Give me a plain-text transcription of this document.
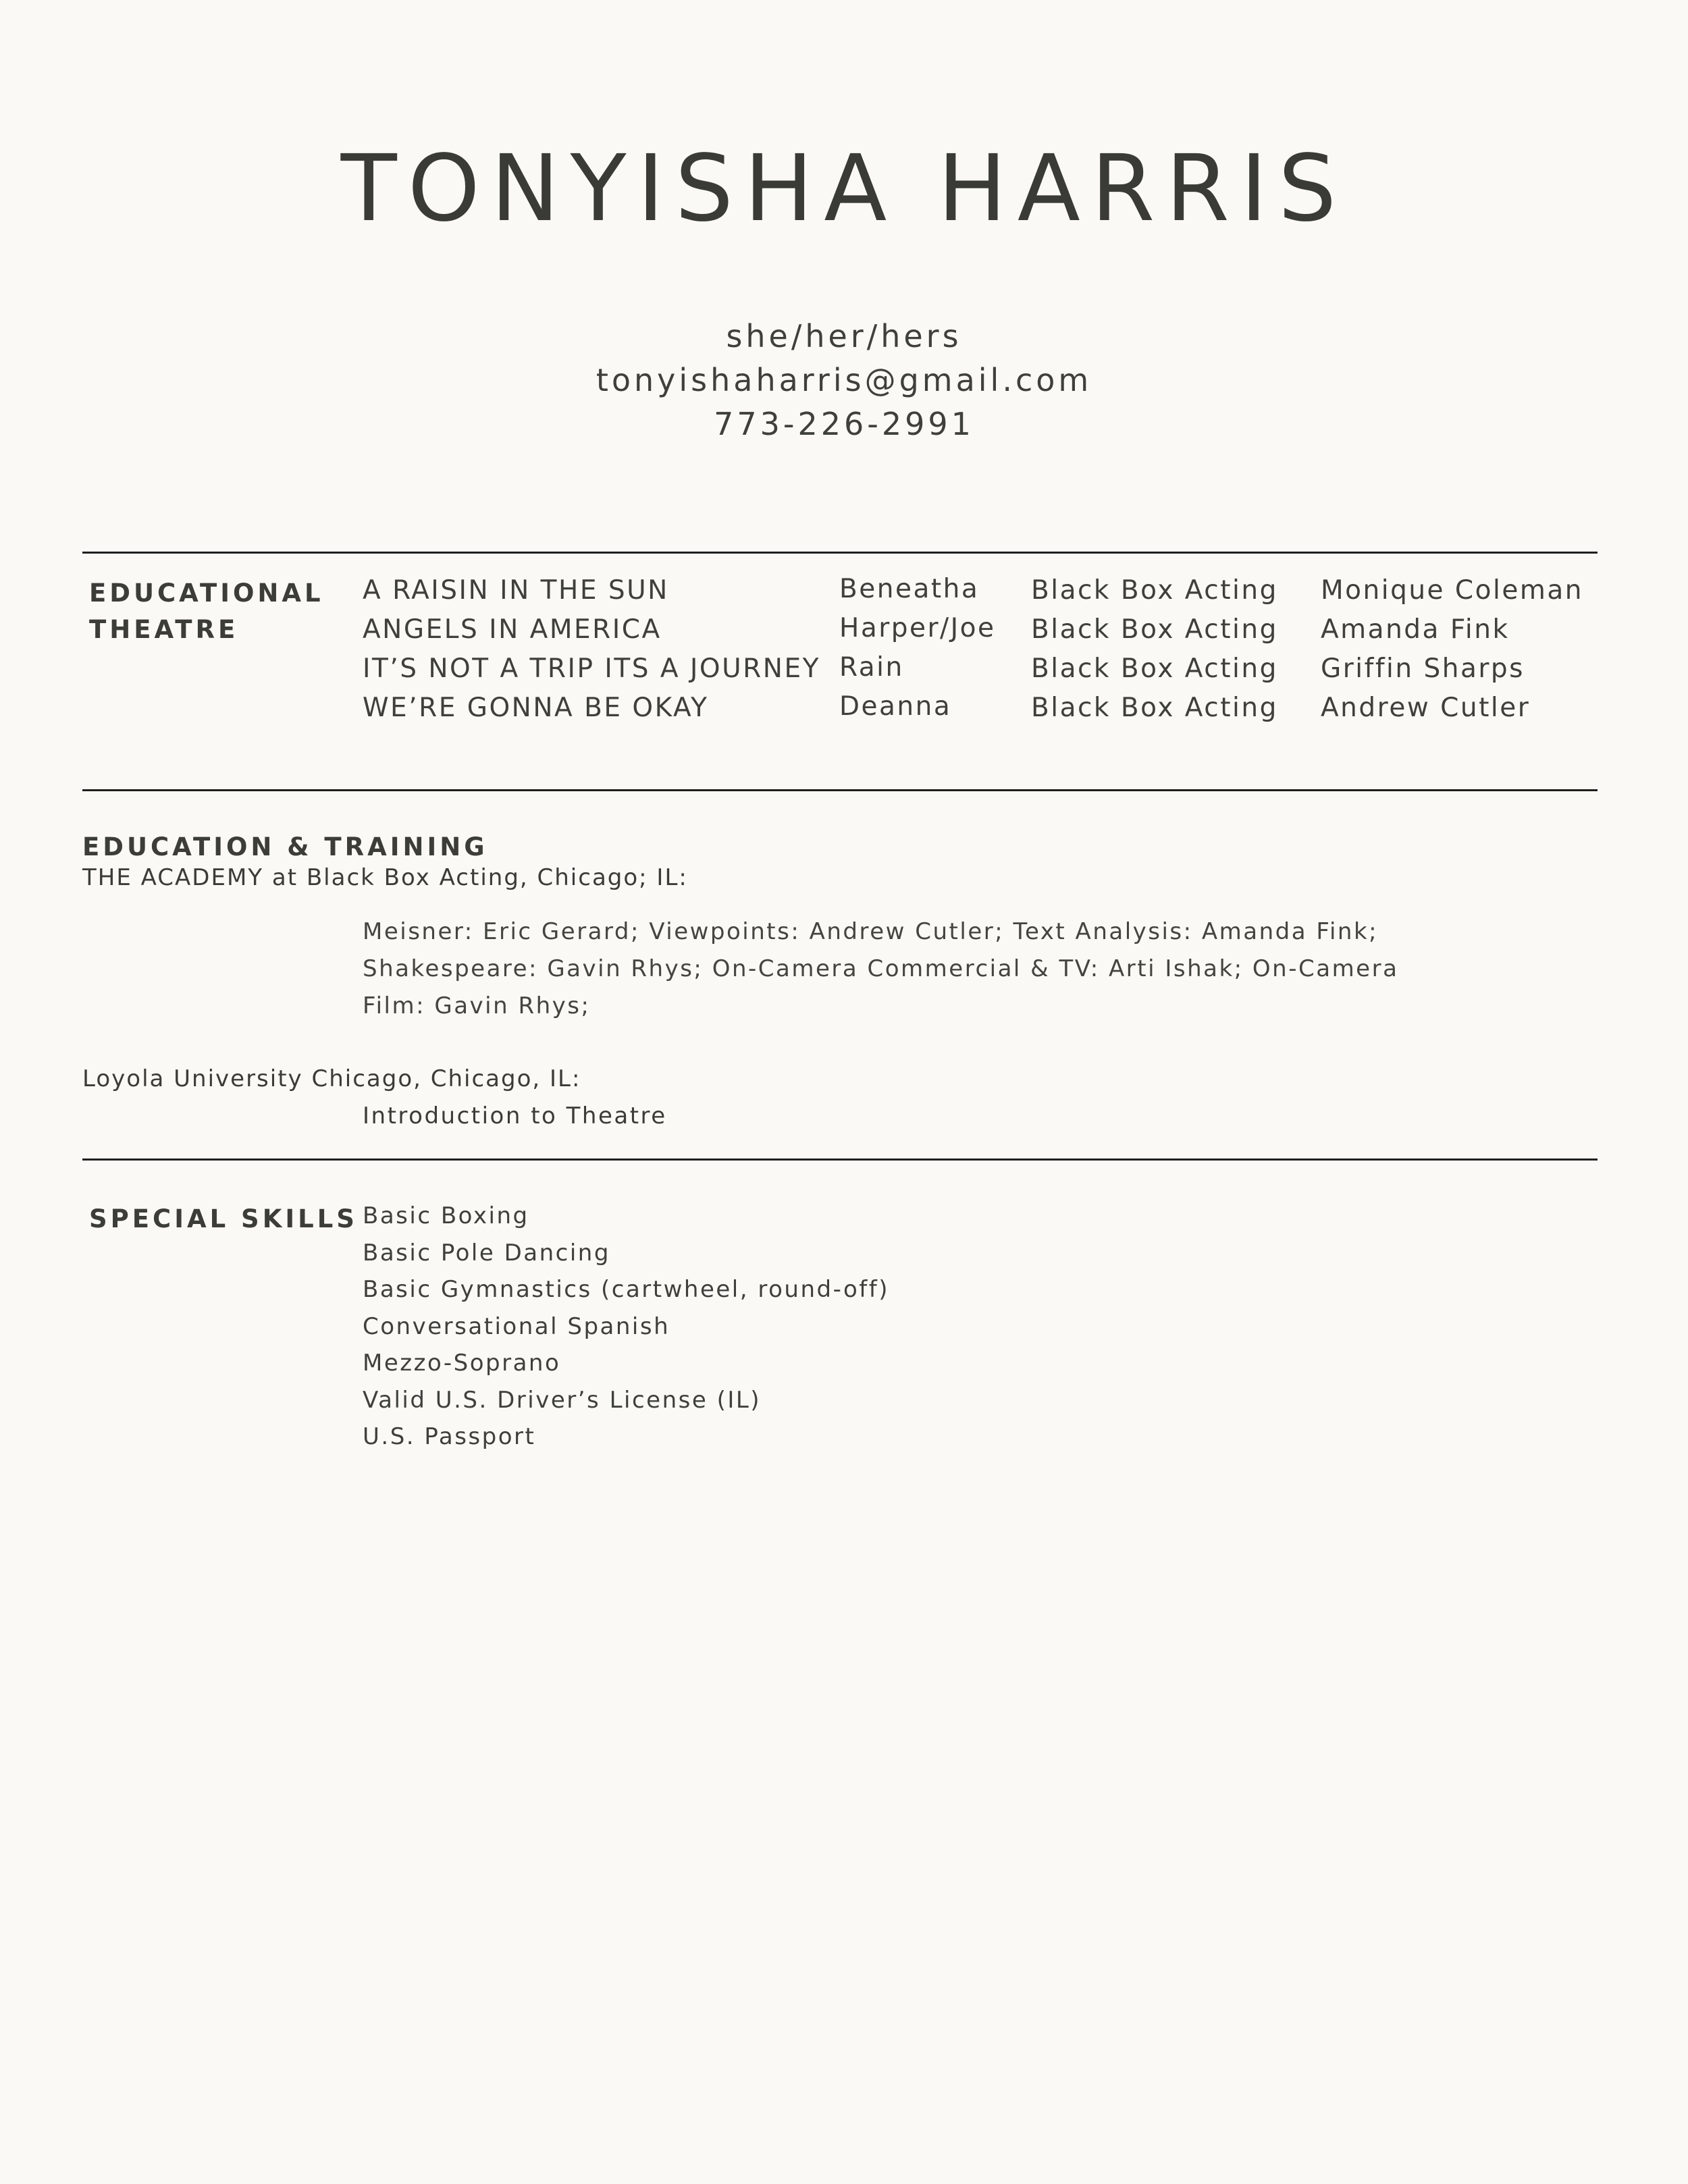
TONYISHA HARRIS
she/her/hers
tonyishaharris@gmail.com
773-226-2991
EDUCATIONAL
THEATRE
A RAISIN IN THE SUN
ANGELS IN AMERICA
IT’S NOT A TRIP ITS A JOURNEY
WE’RE GONNA BE OKAY
Beneatha
Harper/Joe
Rain
Deanna
Black Box Acting
Black Box Acting
Black Box Acting
Black Box Acting
Monique Coleman
Amanda Fink
Griffin Sharps
Andrew Cutler
EDUCATION & TRAINING
THE ACADEMY at Black Box Acting, Chicago; IL:
Meisner: Eric Gerard; Viewpoints: Andrew Cutler; Text Analysis: Amanda Fink; Shakespeare: Gavin Rhys; On-Camera Commercial & TV: Arti Ishak; On-Camera Film: Gavin Rhys;
Loyola University Chicago, Chicago, IL:
Introduction to Theatre
SPECIAL SKILLS Basic Boxing
Basic Pole Dancing
Basic Gymnastics (cartwheel, round-off)
Conversational Spanish
Mezzo-Soprano
Valid U.S. Driver’s License (IL)
U.S. Passport
